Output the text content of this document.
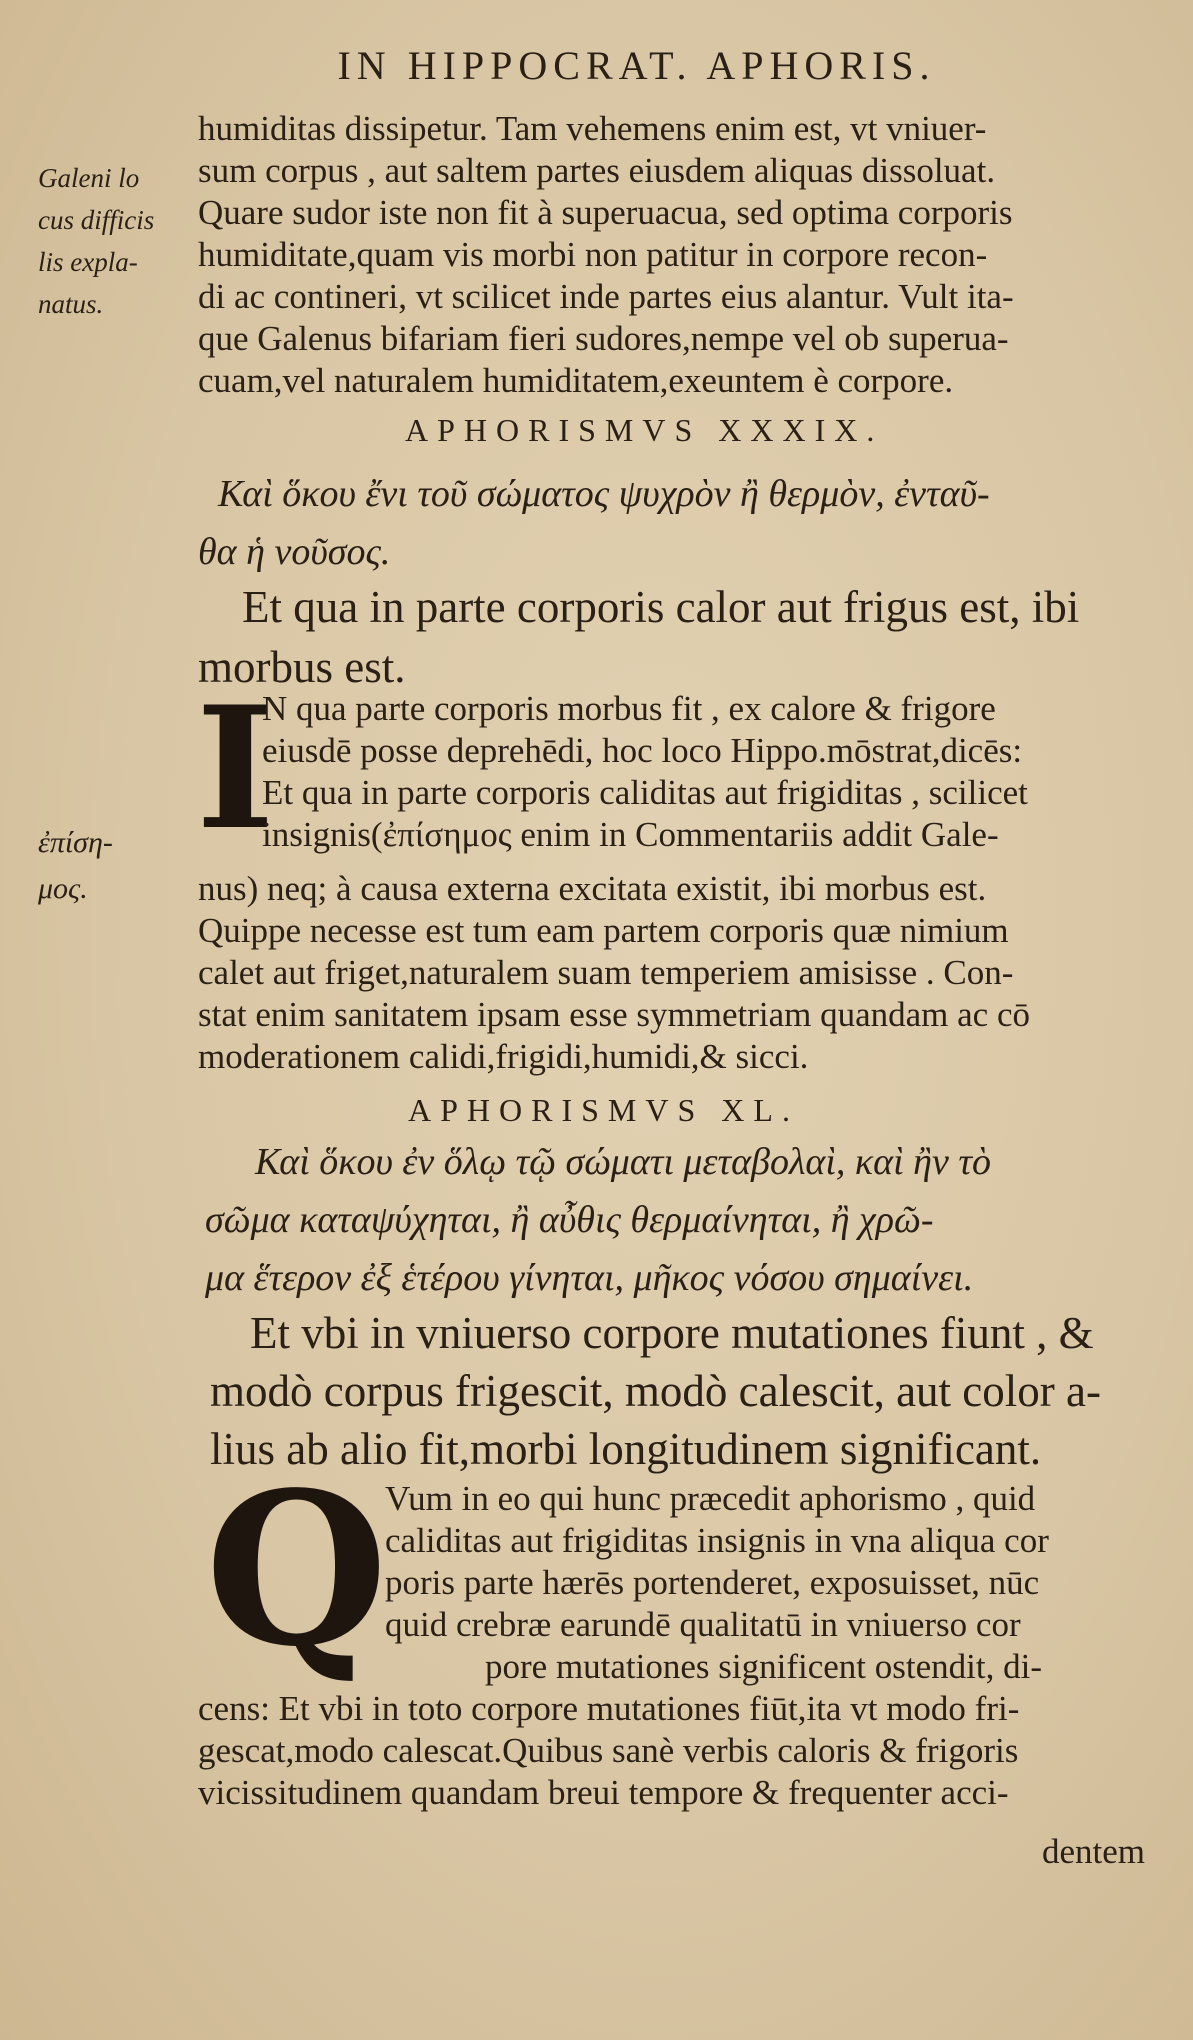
IN HIPPOCRAT. APHORIS.
Galeni lo
cus difficis
lis expla-
natus.
ἐπίση-
μος.
humiditas dissipetur. Tam vehemens enim est, vt vniuer-
sum corpus , aut saltem partes eiusdem aliquas dissoluat.
Quare sudor iste non fit à superuacua, sed optima corporis
humiditate,quam vis morbi non patitur in corpore recon-
di ac contineri, vt scilicet inde partes eius alantur. Vult ita-
que Galenus bifariam fieri sudores,nempe vel ob superua-
cuam,vel naturalem humiditatem,exeuntem è corpore.
APHORISMVS XXXIX.
Καὶ ὅκου ἔνι τοῦ σώματος ψυχρὸν ἢ θερμὸν, ἐνταῦ-
θα ἡ νοῦσος.
Et qua in parte corporis calor aut frigus est, ibi
morbus est.
I
N qua parte corporis morbus fit , ex calore & frigore
eiusdē posse deprehēdi, hoc loco Hippo.mōstrat,dicēs:
Et qua in parte corporis caliditas aut frigiditas , scilicet
insignis(ἐπίσημος enim in Commentariis addit Gale-
nus) neq; à causa externa excitata existit, ibi morbus est.
Quippe necesse est tum eam partem corporis quæ nimium
calet aut friget,naturalem suam temperiem amisisse . Con-
stat enim sanitatem ipsam esse symmetriam quandam ac cō
moderationem calidi,frigidi,humidi,& sicci.
APHORISMVS XL.
Καὶ ὅκου ἐν ὅλῳ τῷ σώματι μεταβολαὶ, καὶ ἢν τὸ
σῶμα καταψύχηται, ἢ αὖθις θερμαίνηται, ἢ χρῶ-
μα ἕτερον ἐξ ἑτέρου γίνηται, μῆκος νόσου σημαίνει.
Et vbi in vniuerso corpore mutationes fiunt , &
modò corpus frigescit, modò calescit, aut color a-
lius ab alio fit,morbi longitudinem significant.
Q
Vum in eo qui hunc præcedit aphorismo , quid
caliditas aut frigiditas insignis in vna aliqua cor
poris parte hærēs portenderet, exposuisset, nūc
quid crebræ earundē qualitatū in vniuerso cor
pore mutationes significent ostendit, di-
cens: Et vbi in toto corpore mutationes fiūt,ita vt modo fri-
gescat,modo calescat.Quibus sanè verbis caloris & frigoris
vicissitudinem quandam breui tempore & frequenter acci-
dentem
